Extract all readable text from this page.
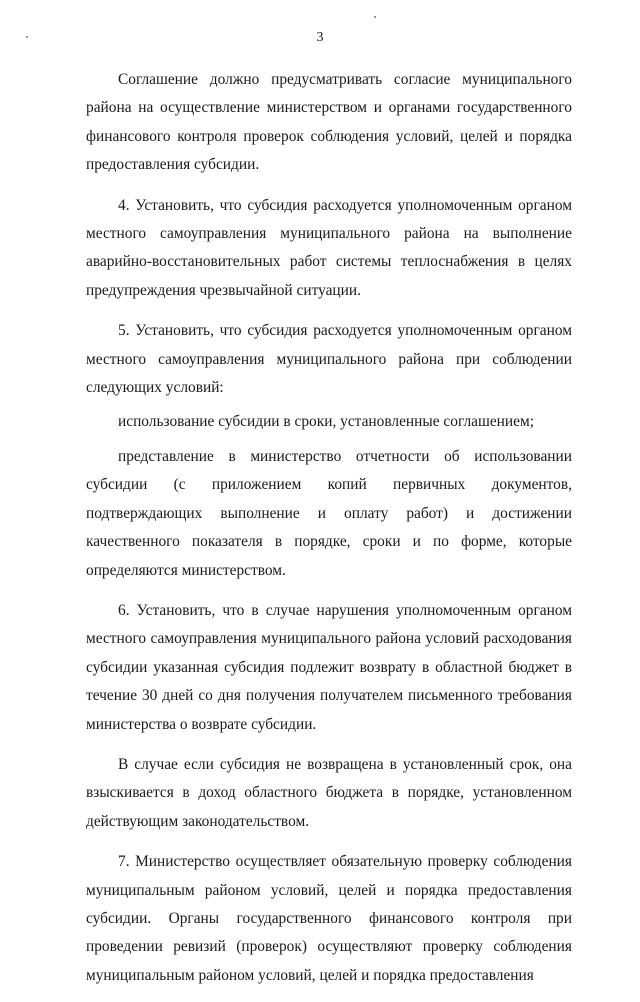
3

Соглашение должно предусматривать согласие муниципального района на осуществление министерством и органами государственного финансового контроля проверок соблюдения условий, целей и порядка предоставления субсидии.

4. Установить, что субсидия расходуется уполномоченным органом местного самоуправления муниципального района на выполнение аварийно-восстановительных работ системы теплоснабжения в целях предупреждения чрезвычайной ситуации.

5. Установить, что субсидия расходуется уполномоченным органом местного самоуправления муниципального района при соблюдении следующих условий:

использование субсидии в сроки, установленные соглашением;

представление в министерство отчетности об использовании субсидии (с приложением копий первичных документов, подтверждающих выполнение и оплату работ) и достижении качественного показателя в порядке, сроки и по форме, которые определяются министерством.

6. Установить, что в случае нарушения уполномоченным органом местного самоуправления муниципального района условий расходования субсидии указанная субсидия подлежит возврату в областной бюджет в течение 30 дней со дня получения получателем письменного требования министерства о возврате субсидии.

В случае если субсидия не возвращена в установленный срок, она взыскивается в доход областного бюджета в порядке, установленном действующим законодательством.

7. Министерство осуществляет обязательную проверку соблюдения муниципальным районом условий, целей и порядка предоставления субсидии. Органы государственного финансового контроля при проведении ревизий (проверок) осуществляют проверку соблюдения муниципальным районом условий, целей и порядка предоставления
